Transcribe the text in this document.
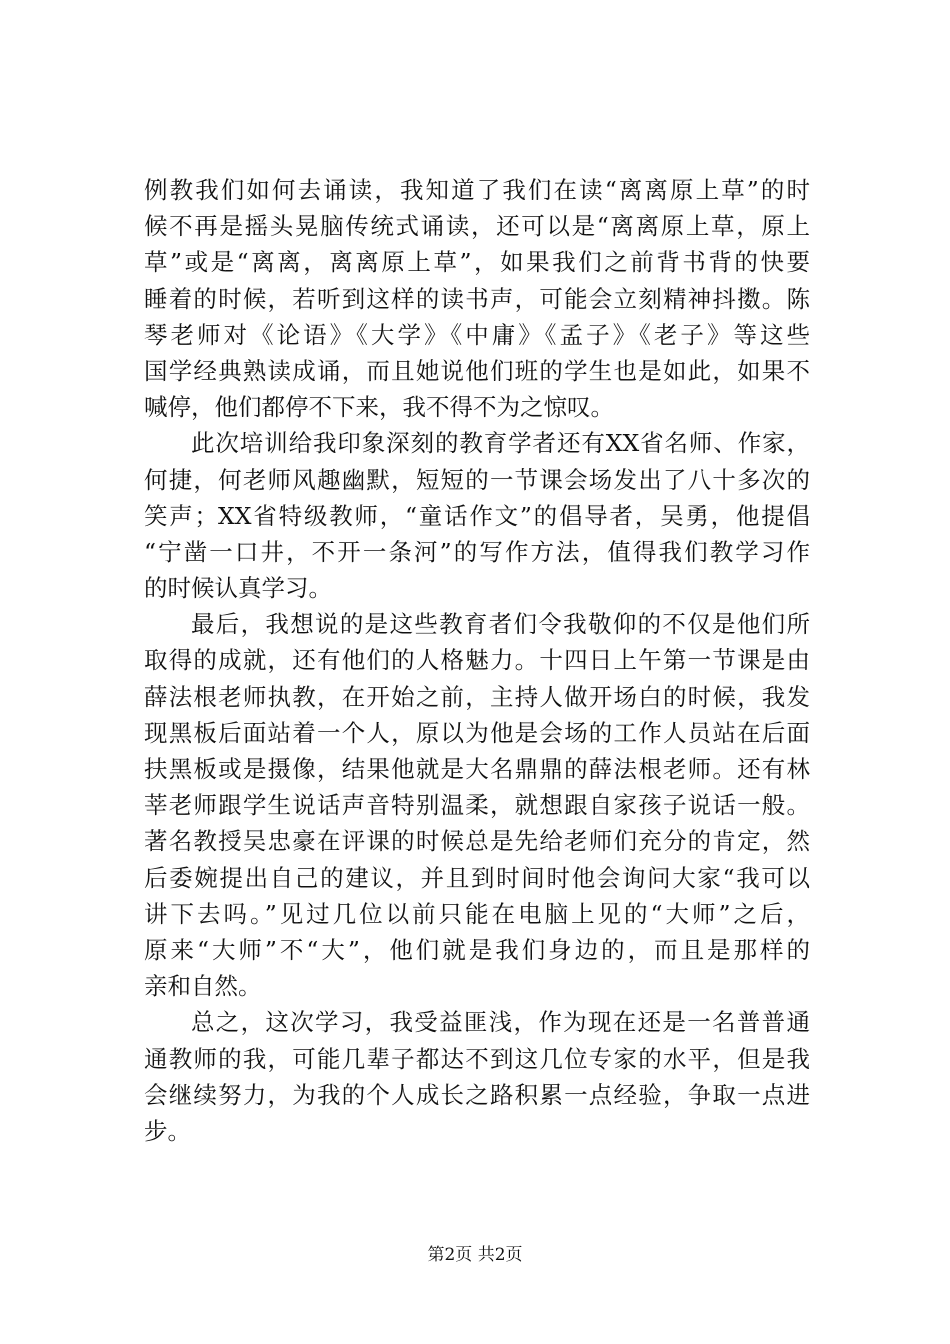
例教我们如何去诵读，我知道了我们在读“离离原上草”的时
候不再是摇头晃脑传统式诵读，还可以是“离离原上草，原上
草”或是“离离，离离原上草”，如果我们之前背书背的快要
睡着的时候，若听到这样的读书声，可能会立刻精神抖擞。陈
琴老师对《论语》《大学》《中庸》《孟子》《老子》等这些
国学经典熟读成诵，而且她说他们班的学生也是如此，如果不
喊停，他们都停不下来，我不得不为之惊叹。
此次培训给我印象深刻的教育学者还有XX省名师、作家，
何捷，何老师风趣幽默，短短的一节课会场发出了八十多次的
笑声；XX省特级教师，“童话作文”的倡导者，吴勇，他提倡
“宁凿一口井，不开一条河”的写作方法，值得我们教学习作
的时候认真学习。
最后，我想说的是这些教育者们令我敬仰的不仅是他们所
取得的成就，还有他们的人格魅力。十四日上午第一节课是由
薛法根老师执教，在开始之前，主持人做开场白的时候，我发
现黑板后面站着一个人，原以为他是会场的工作人员站在后面
扶黑板或是摄像，结果他就是大名鼎鼎的薛法根老师。还有林
莘老师跟学生说话声音特别温柔，就想跟自家孩子说话一般。
著名教授吴忠豪在评课的时候总是先给老师们充分的肯定，然
后委婉提出自己的建议，并且到时间时他会询问大家“我可以
讲下去吗。”见过几位以前只能在电脑上见的“大师”之后，
原来“大师”不“大”，他们就是我们身边的，而且是那样的
亲和自然。
总之，这次学习，我受益匪浅，作为现在还是一名普普通
通教师的我，可能几辈子都达不到这几位专家的水平，但是我
会继续努力，为我的个人成长之路积累一点经验，争取一点进
步。
第2页 共2页
